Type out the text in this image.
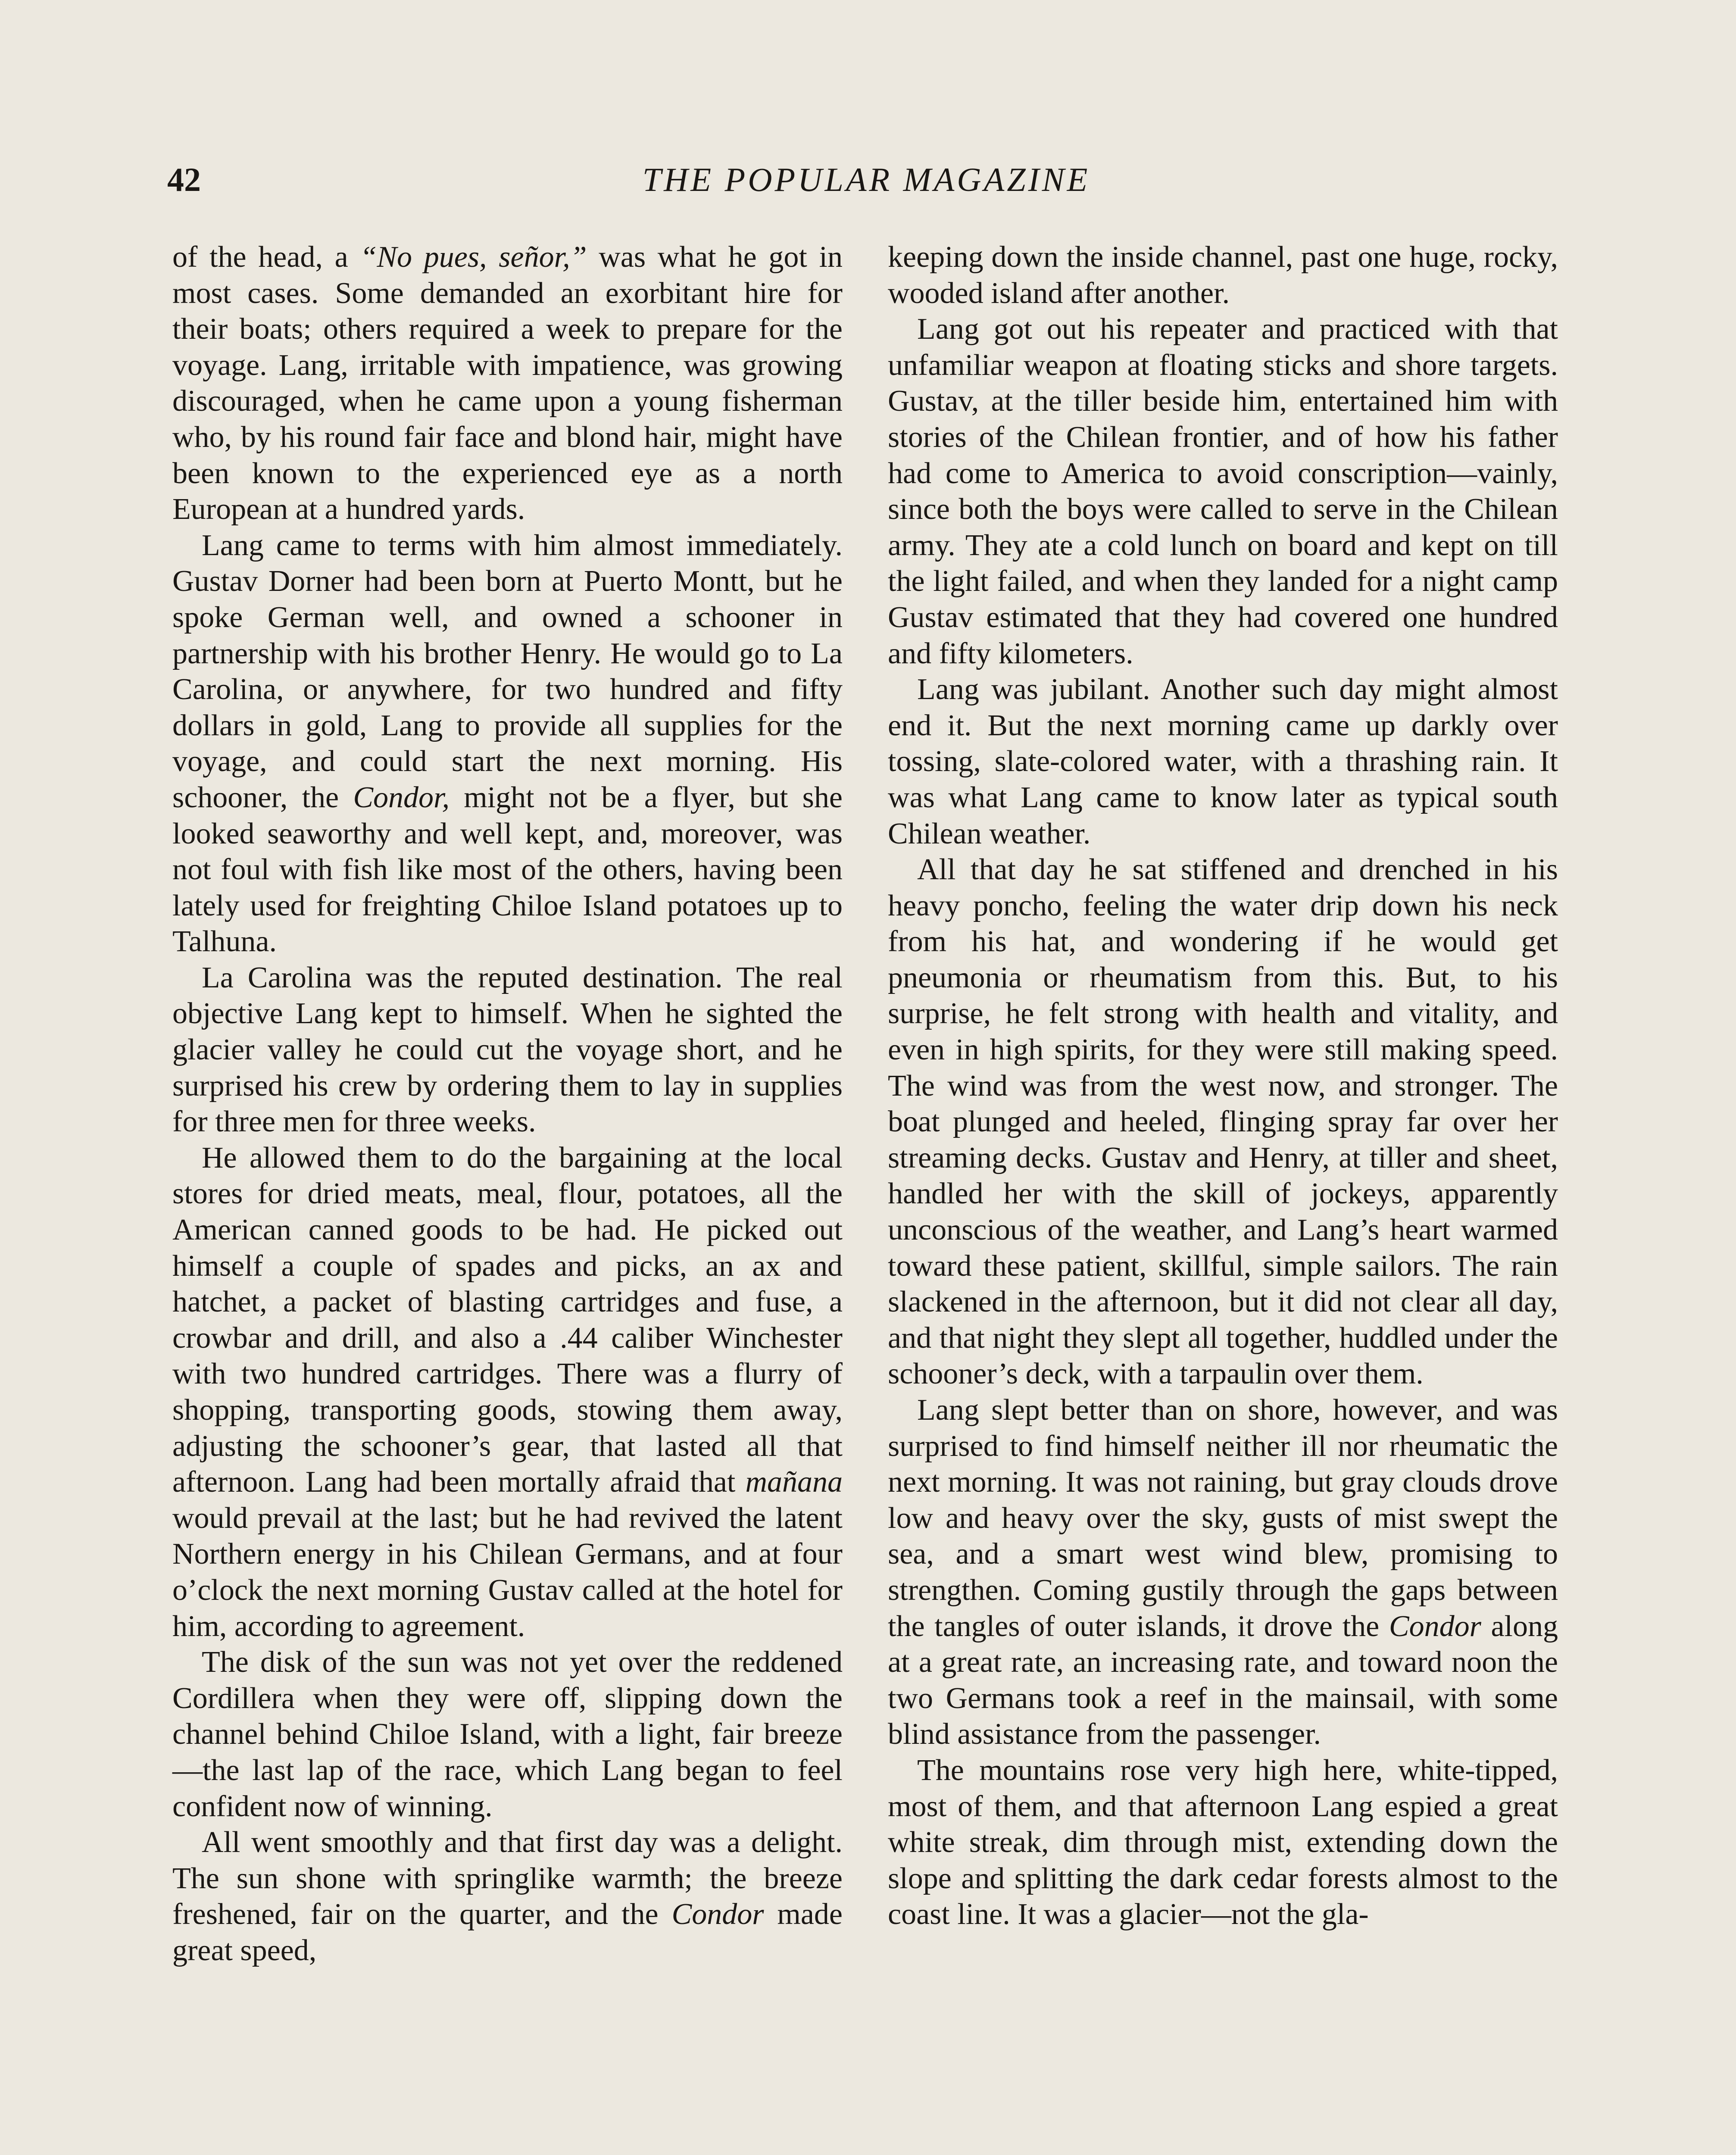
42	THE POPULAR MAGAZINE

of the head, a “No pues, señor,” was what he got in most cases. Some demanded an exorbitant hire for their boats; others required a week to prepare for the voyage. Lang, irritable with impatience, was growing discouraged, when he came upon a young fisherman who, by his round fair face and blond hair, might have been known to the experienced eye as a north European at a hundred yards.

Lang came to terms with him almost immediately. Gustav Dorner had been born at Puerto Montt, but he spoke German well, and owned a schooner in partnership with his brother Henry. He would go to La Carolina, or anywhere, for two hundred and fifty dollars in gold, Lang to provide all supplies for the voyage, and could start the next morning. His schooner, the Condor, might not be a flyer, but she looked seaworthy and well kept, and, moreover, was not foul with fish like most of the others, having been lately used for freighting Chiloe Island potatoes up to Talhuna.

La Carolina was the reputed destination. The real objective Lang kept to himself. When he sighted the glacier valley he could cut the voyage short, and he surprised his crew by ordering them to lay in supplies for three men for three weeks.

He allowed them to do the bargaining at the local stores for dried meats, meal, flour, potatoes, all the American canned goods to be had. He picked out himself a couple of spades and picks, an ax and hatchet, a packet of blasting cartridges and fuse, a crowbar and drill, and also a .44 caliber Winchester with two hundred cartridges. There was a flurry of shopping, transporting goods, stowing them away, adjusting the schooner’s gear, that lasted all that afternoon. Lang had been mortally afraid that mañana would prevail at the last; but he had revived the latent Northern energy in his Chilean Germans, and at four o’clock the next morning Gustav called at the hotel for him, according to agreement.

The disk of the sun was not yet over the reddened Cordillera when they were off, slipping down the channel behind Chiloe Island, with a light, fair breeze—the last lap of the race, which Lang began to feel confident now of winning.

All went smoothly and that first day was a delight. The sun shone with springlike warmth; the breeze freshened, fair on the quarter, and the Condor made great speed,

keeping down the inside channel, past one huge, rocky, wooded island after another.

Lang got out his repeater and practiced with that unfamiliar weapon at floating sticks and shore targets. Gustav, at the tiller beside him, entertained him with stories of the Chilean frontier, and of how his father had come to America to avoid conscription—vainly, since both the boys were called to serve in the Chilean army. They ate a cold lunch on board and kept on till the light failed, and when they landed for a night camp Gustav estimated that they had covered one hundred and fifty kilometers.

Lang was jubilant. Another such day might almost end it. But the next morning came up darkly over tossing, slate-colored water, with a thrashing rain. It was what Lang came to know later as typical south Chilean weather.

All that day he sat stiffened and drenched in his heavy poncho, feeling the water drip down his neck from his hat, and wondering if he would get pneumonia or rheumatism from this. But, to his surprise, he felt strong with health and vitality, and even in high spirits, for they were still making speed. The wind was from the west now, and stronger. The boat plunged and heeled, flinging spray far over her streaming decks. Gustav and Henry, at tiller and sheet, handled her with the skill of jockeys, apparently unconscious of the weather, and Lang’s heart warmed toward these patient, skillful, simple sailors. The rain slackened in the afternoon, but it did not clear all day, and that night they slept all together, huddled under the schooner’s deck, with a tarpaulin over them.

Lang slept better than on shore, however, and was surprised to find himself neither ill nor rheumatic the next morning. It was not raining, but gray clouds drove low and heavy over the sky, gusts of mist swept the sea, and a smart west wind blew, promising to strengthen. Coming gustily through the gaps between the tangles of outer islands, it drove the Condor along at a great rate, an increasing rate, and toward noon the two Germans took a reef in the mainsail, with some blind assistance from the passenger.

The mountains rose very high here, white-tipped, most of them, and that afternoon Lang espied a great white streak, dim through mist, extending down the slope and splitting the dark cedar forests almost to the coast line. It was a glacier—not the gla-
